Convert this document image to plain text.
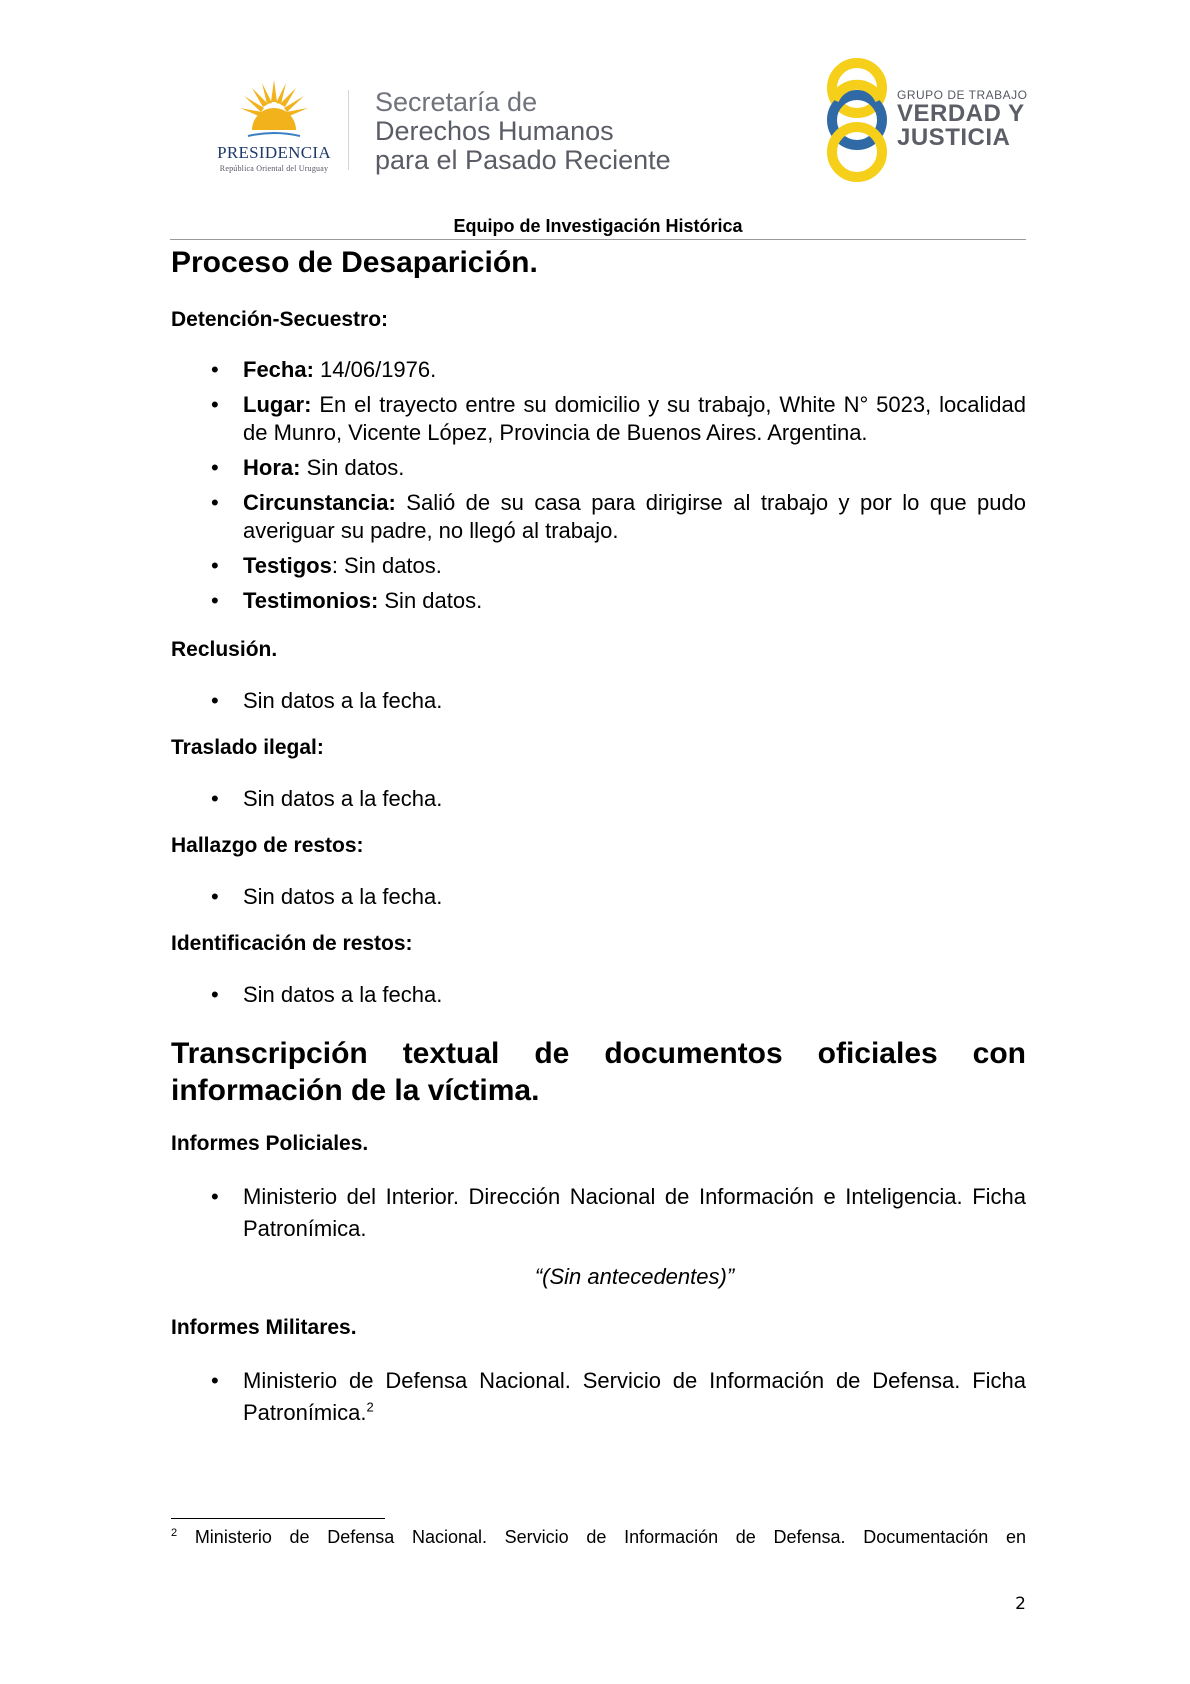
PRESIDENCIA
República Oriental del Uruguay
Secretaría de
Derechos Humanos
para el Pasado Reciente
GRUPO DE TRABAJO
VERDAD Y
JUSTICIA
Equipo de Investigación Histórica
Proceso de Desaparición.
Detención-Secuestro:
• Fecha: 14/06/1976.
• Lugar: En el trayecto entre su domicilio y su trabajo, White N° 5023, localidad de Munro, Vicente López, Provincia de Buenos Aires. Argentina.
• Hora: Sin datos.
• Circunstancia: Salió de su casa para dirigirse al trabajo y por lo que pudo averiguar su padre, no llegó al trabajo.
• Testigos: Sin datos.
• Testimonios: Sin datos.
Reclusión.
• Sin datos a la fecha.
Traslado ilegal:
• Sin datos a la fecha.
Hallazgo de restos:
• Sin datos a la fecha.
Identificación de restos:
• Sin datos a la fecha.
Transcripción textual de documentos oficiales con información de la víctima.
Informes Policiales.
• Ministerio del Interior. Dirección Nacional de Información e Inteligencia. Ficha Patronímica.
“(Sin antecedentes)”
Informes Militares.
• Ministerio de Defensa Nacional. Servicio de Información de Defensa. Ficha Patronímica.$^2$
$^2$ Ministerio de Defensa Nacional. Servicio de Información de Defensa. Documentación en
2
